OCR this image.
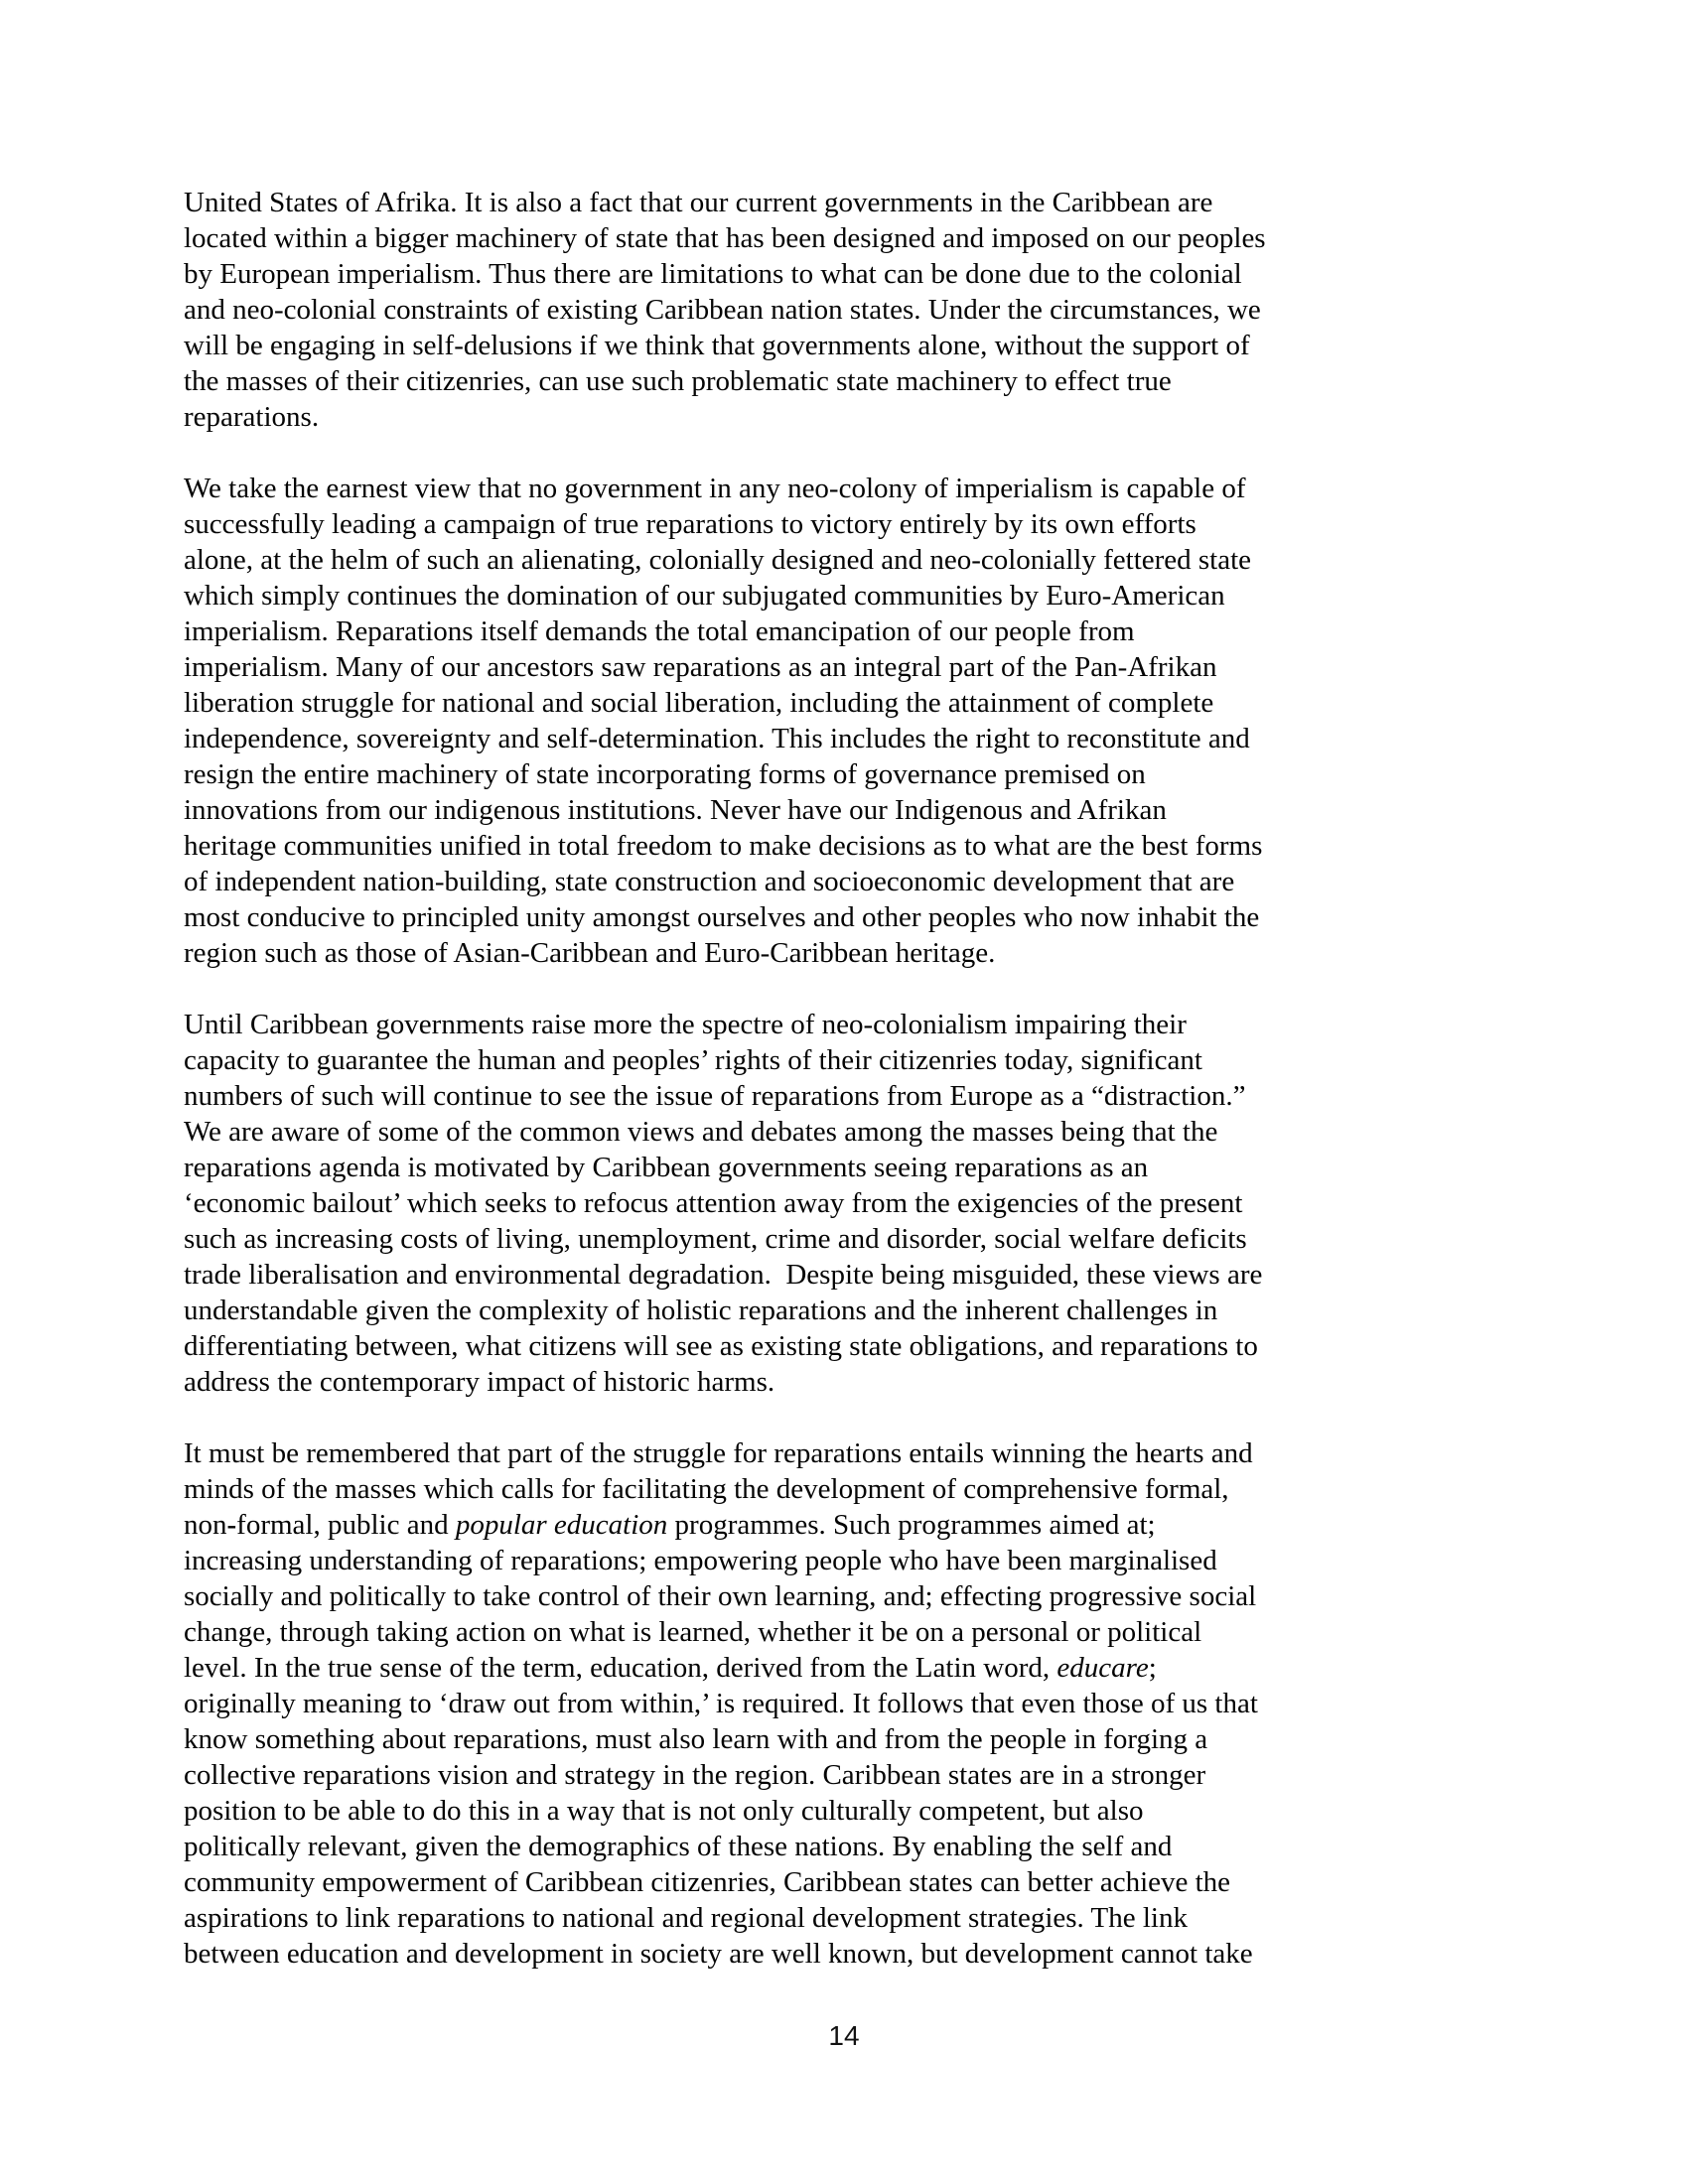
United States of Afrika. It is also a fact that our current governments in the Caribbean are
located within a bigger machinery of state that has been designed and imposed on our peoples
by European imperialism. Thus there are limitations to what can be done due to the colonial
and neo-colonial constraints of existing Caribbean nation states. Under the circumstances, we
will be engaging in self-delusions if we think that governments alone, without the support of
the masses of their citizenries, can use such problematic state machinery to effect true
reparations.

We take the earnest view that no government in any neo-colony of imperialism is capable of
successfully leading a campaign of true reparations to victory entirely by its own efforts
alone, at the helm of such an alienating, colonially designed and neo-colonially fettered state
which simply continues the domination of our subjugated communities by Euro-American
imperialism. Reparations itself demands the total emancipation of our people from
imperialism. Many of our ancestors saw reparations as an integral part of the Pan-Afrikan
liberation struggle for national and social liberation, including the attainment of complete
independence, sovereignty and self-determination. This includes the right to reconstitute and
resign the entire machinery of state incorporating forms of governance premised on
innovations from our indigenous institutions. Never have our Indigenous and Afrikan
heritage communities unified in total freedom to make decisions as to what are the best forms
of independent nation-building, state construction and socioeconomic development that are
most conducive to principled unity amongst ourselves and other peoples who now inhabit the
region such as those of Asian-Caribbean and Euro-Caribbean heritage.

Until Caribbean governments raise more the spectre of neo-colonialism impairing their
capacity to guarantee the human and peoples’ rights of their citizenries today, significant
numbers of such will continue to see the issue of reparations from Europe as a “distraction.”
We are aware of some of the common views and debates among the masses being that the
reparations agenda is motivated by Caribbean governments seeing reparations as an
‘economic bailout’ which seeks to refocus attention away from the exigencies of the present
such as increasing costs of living, unemployment, crime and disorder, social welfare deficits
trade liberalisation and environmental degradation.  Despite being misguided, these views are
understandable given the complexity of holistic reparations and the inherent challenges in
differentiating between, what citizens will see as existing state obligations, and reparations to
address the contemporary impact of historic harms.

It must be remembered that part of the struggle for reparations entails winning the hearts and
minds of the masses which calls for facilitating the development of comprehensive formal,
non-formal, public and popular education programmes. Such programmes aimed at;
increasing understanding of reparations; empowering people who have been marginalised
socially and politically to take control of their own learning, and; effecting progressive social
change, through taking action on what is learned, whether it be on a personal or political
level. In the true sense of the term, education, derived from the Latin word, educare;
originally meaning to ‘draw out from within,’ is required. It follows that even those of us that
know something about reparations, must also learn with and from the people in forging a
collective reparations vision and strategy in the region. Caribbean states are in a stronger
position to be able to do this in a way that is not only culturally competent, but also
politically relevant, given the demographics of these nations. By enabling the self and
community empowerment of Caribbean citizenries, Caribbean states can better achieve the
aspirations to link reparations to national and regional development strategies. The link
between education and development in society are well known, but development cannot take

14
